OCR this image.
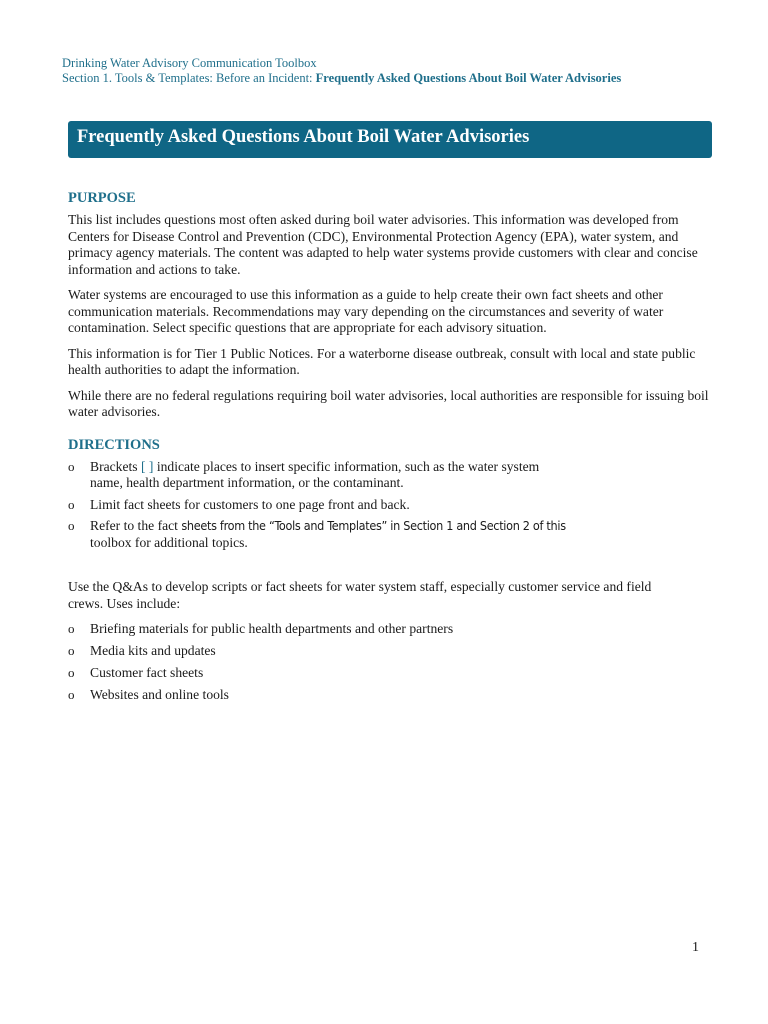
Drinking Water Advisory Communication Toolbox
Section 1. Tools & Templates: Before an Incident: Frequently Asked Questions About Boil Water Advisories
Frequently Asked Questions About Boil Water Advisories
PURPOSE

This list includes questions most often asked during boil water advisories. This information was developed from Centers for Disease Control and Prevention (CDC), Environmental Protection Agency (EPA), water system, and primacy agency materials. The content was adapted to help water systems provide customers with clear and concise information and actions to take.

Water systems are encouraged to use this information as a guide to help create their own fact sheets and other communication materials. Recommendations may vary depending on the circumstances and severity of water contamination. Select specific questions that are appropriate for each advisory situation.

This information is for Tier 1 Public Notices. For a waterborne disease outbreak, consult with local and state public health authorities to adapt the information.

While there are no federal regulations requiring boil water advisories, local authorities are responsible for issuing boil water advisories.

DIRECTIONS
o Brackets [ ] indicate places to insert specific information, such as the water system
name, health department information, or the contaminant.
o Limit fact sheets for customers to one page front and back.
o Refer to the fact sheets from the “Tools and Templates” in Section 1 and Section 2 of this
toolbox for additional topics.

Use the Q&As to develop scripts or fact sheets for water system staff, especially customer service and field crews. Uses include:

o Briefing materials for public health departments and other partners
o Media kits and updates
o Customer fact sheets
o Websites and online tools
1
